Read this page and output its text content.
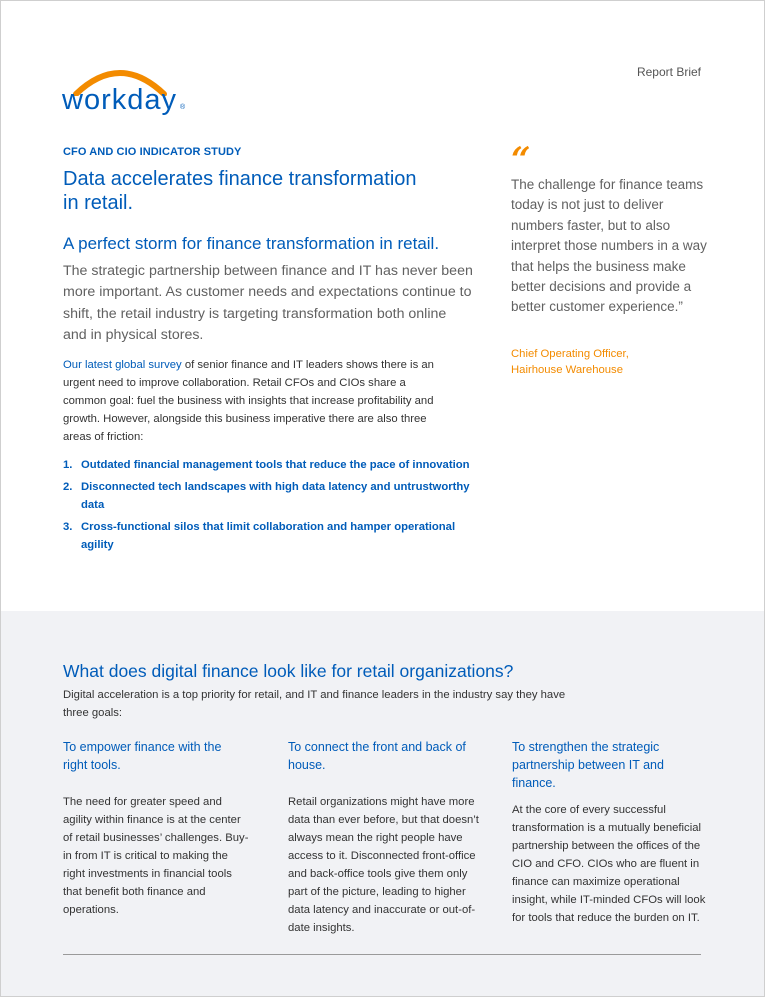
workday ®
Report Brief
CFO AND CIO INDICATOR STUDY
Data accelerates finance transformation
in retail.
A perfect storm for finance transformation in retail.

The strategic partnership between finance and IT has never been more important. As customer needs and expectations continue to shift, the retail industry is targeting transformation both online and in physical stores.

Our latest global survey of senior finance and IT leaders shows there is an urgent need to improve collaboration. Retail CFOs and CIOs share a common goal: fuel the business with insights that increase profitability and growth. However, alongside this business imperative there are also three areas of friction:

1. Outdated financial management tools that reduce the pace of innovation
2. Disconnected tech landscapes with high data latency and untrustworthy data
3. Cross-functional silos that limit collaboration and hamper operational agility
“

The challenge for finance teams today is not just to deliver numbers faster, but to also interpret those numbers in a way that helps the business make better decisions and provide a better customer experience.”

Chief Operating Officer,
Hairhouse Warehouse

What does digital finance look like for retail organizations?

Digital acceleration is a top priority for retail, and IT and finance leaders in the industry say they have three goals:

To empower finance with the right tools.

The need for greater speed and agility within finance is at the center of retail businesses’ challenges. Buy-in from IT is critical to making the right investments in financial tools that benefit both finance and operations.

To connect the front and back of house.

Retail organizations might have more data than ever before, but that doesn’t always mean the right people have access to it. Disconnected front-office and back-office tools give them only part of the picture, leading to higher data latency and inaccurate or out-of-date insights.

To strengthen the strategic partnership between IT and finance.

At the core of every successful transformation is a mutually beneficial partnership between the offices of the CIO and CFO. CIOs who are fluent in finance can maximize operational insight, while IT-minded CFOs will look for tools that reduce the burden on IT.
